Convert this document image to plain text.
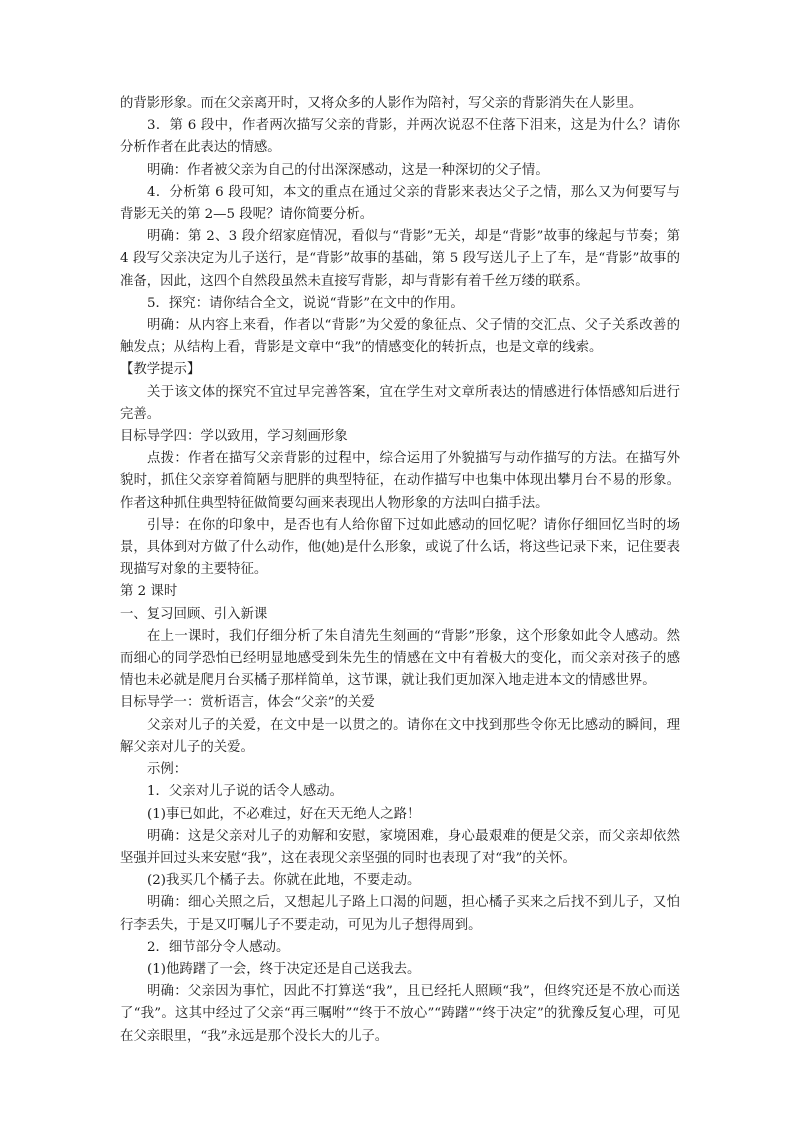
的背影形象。而在父亲离开时，又将众多的人影作为陪衬，写父亲的背影消失在人影里。

3．第 6 段中，作者两次描写父亲的背影，并两次说忍不住落下泪来，这是为什么？请你分析作者在此表达的情感。

明确：作者被父亲为自己的付出深深感动，这是一种深切的父子情。

4．分析第 6 段可知，本文的重点在通过父亲的背影来表达父子之情，那么又为何要写与背影无关的第 2—5 段呢？请你简要分析。

明确：第 2、3 段介绍家庭情况，看似与“背影”无关，却是“背影”故事的缘起与节奏；第 4 段写父亲决定为儿子送行，是“背影”故事的基础，第 5 段写送儿子上了车，是“背影”故事的准备，因此，这四个自然段虽然未直接写背影，却与背影有着千丝万缕的联系。

5．探究：请你结合全文，说说“背影”在文中的作用。

明确：从内容上来看，作者以“背影”为父爱的象征点、父子情的交汇点、父子关系改善的触发点；从结构上看，背影是文章中“我”的情感变化的转折点，也是文章的线索。

【教学提示】

关于该文体的探究不宜过早完善答案，宜在学生对文章所表达的情感进行体悟感知后进行完善。

目标导学四：学以致用，学习刻画形象

点拨：作者在描写父亲背影的过程中，综合运用了外貌描写与动作描写的方法。在描写外貌时，抓住父亲穿着简陋与肥胖的典型特征，在动作描写中也集中体现出攀月台不易的形象。作者这种抓住典型特征做简要勾画来表现出人物形象的方法叫白描手法。

引导：在你的印象中，是否也有人给你留下过如此感动的回忆呢？请你仔细回忆当时的场景，具体到对方做了什么动作，他(她)是什么形象，或说了什么话，将这些记录下来，记住要表现描写对象的主要特征。

第 2 课时

一、复习回顾、引入新课

在上一课时，我们仔细分析了朱自清先生刻画的“背影”形象，这个形象如此令人感动。然而细心的同学恐怕已经明显地感受到朱先生的情感在文中有着极大的变化，而父亲对孩子的感情也未必就是爬月台买橘子那样简单，这节课，就让我们更加深入地走进本文的情感世界。

目标导学一：赏析语言，体会“父亲”的关爱

父亲对儿子的关爱，在文中是一以贯之的。请你在文中找到那些令你无比感动的瞬间，理解父亲对儿子的关爱。

示例：

1．父亲对儿子说的话令人感动。

(1)事已如此，不必难过，好在天无绝人之路！

明确：这是父亲对儿子的劝解和安慰，家境困难，身心最艰难的便是父亲，而父亲却依然坚强并回过头来安慰“我”，这在表现父亲坚强的同时也表现了对“我”的关怀。

(2)我买几个橘子去。你就在此地，不要走动。

明确：细心关照之后，又想起儿子路上口渴的问题，担心橘子买来之后找不到儿子，又怕行李丢失，于是又叮嘱儿子不要走动，可见为儿子想得周到。

2．细节部分令人感动。

(1)他踌躇了一会，终于决定还是自己送我去。

明确：父亲因为事忙，因此不打算送“我”，且已经托人照顾“我”，但终究还是不放心而送了“我”。这其中经过了父亲“再三嘱咐”“终于不放心”“踌躇”“终于决定”的犹豫反复心理，可见在父亲眼里，“我”永远是那个没长大的儿子。
